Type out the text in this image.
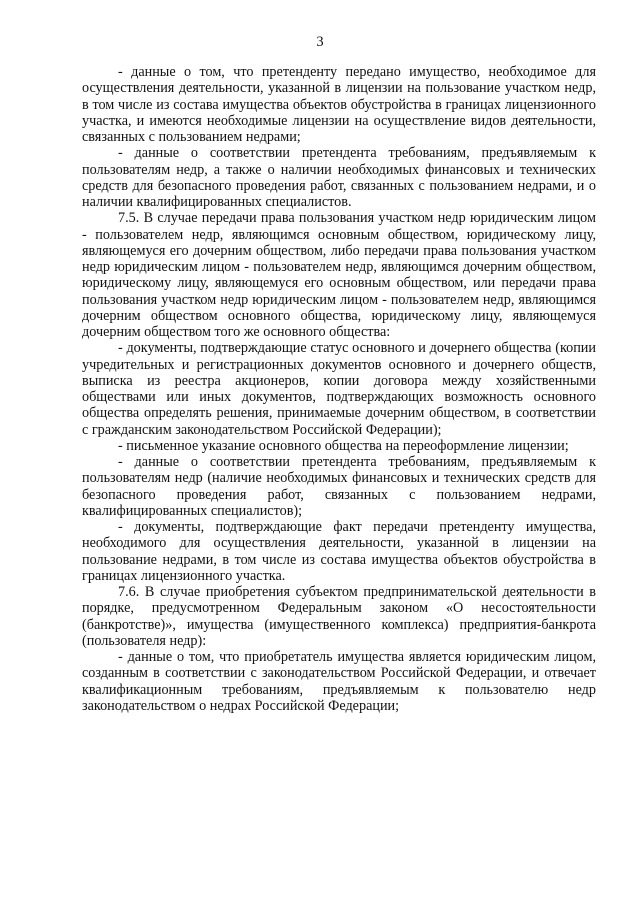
3

- данные о том, что претенденту передано имущество, необходимое для осуществления деятельности, указанной в лицензии на пользование участком недр, в том числе из состава имущества объектов обустройства в границах лицензионного участка, и имеются необходимые лицензии на осуществление видов деятельности, связанных с пользованием недрами;

- данные о соответствии претендента требованиям, предъявляемым к пользователям недр, а также о наличии необходимых финансовых и технических средств для безопасного проведения работ, связанных с пользованием недрами, и о наличии квалифицированных специалистов.

7.5. В случае передачи права пользования участком недр юридическим лицом - пользователем недр, являющимся основным обществом, юридическому лицу, являющемуся его дочерним обществом, либо передачи права пользования участком недр юридическим лицом - пользователем недр, являющимся дочерним обществом, юридическому лицу, являющемуся его основным обществом, или передачи права пользования участком недр юридическим лицом - пользователем недр, являющимся дочерним обществом основного общества, юридическому лицу, являющемуся дочерним обществом того же основного общества:

- документы, подтверждающие статус основного и дочернего общества (копии учредительных и регистрационных документов основного и дочернего обществ, выписка из реестра акционеров, копии договора между хозяйственными обществами или иных документов, подтверждающих возможность основного общества определять решения, принимаемые дочерним обществом, в соответствии с гражданским законодательством Российской Федерации);

- письменное указание основного общества на переоформление лицензии;

- данные о соответствии претендента требованиям, предъявляемым к пользователям недр (наличие необходимых финансовых и технических средств для безопасного проведения работ, связанных с пользованием недрами, квалифицированных специалистов);

- документы, подтверждающие факт передачи претенденту имущества, необходимого для осуществления деятельности, указанной в лицензии на пользование недрами, в том числе из состава имущества объектов обустройства в границах лицензионного участка.

7.6. В случае приобретения субъектом предпринимательской деятельности в порядке, предусмотренном Федеральным законом «О несостоятельности (банкротстве)», имущества (имущественного комплекса) предприятия-банкрота (пользователя недр):

- данные о том, что приобретатель имущества является юридическим лицом, созданным в соответствии с законодательством Российской Федерации, и отвечает квалификационным требованиям, предъявляемым к пользователю недр законодательством о недрах Российской Федерации;
